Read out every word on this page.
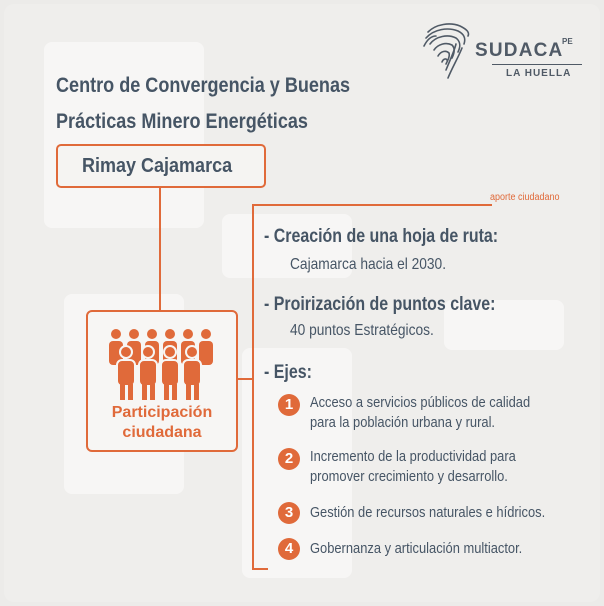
SUDACA
PE
LA HUELLA
Centro de Convergencia y Buenas
Prácticas Minero Energéticas
Rimay Cajamarca
Participación
ciudadana
aporte ciudadano
- Creación de una hoja de ruta:
Cajamarca hacia el 2030.
- Proirización de puntos clave:
40 puntos Estratégicos.
- Ejes:
1	Acceso a servicios públicos de calidad
para la población urbana y rural.
2	Incremento de la productividad para
promover crecimiento y desarrollo.
3	Gestión de recursos naturales e hídricos.
4	Gobernanza y articulación multiactor.
